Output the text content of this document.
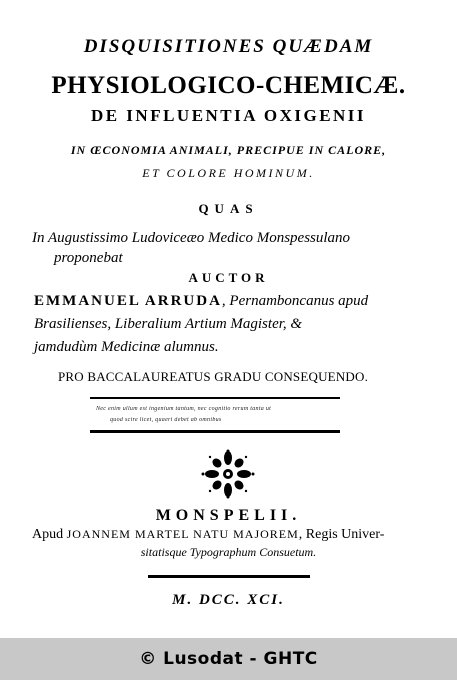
DISQUISITIONES QUÆDAM
PHYSIOLOGICO-CHEMICÆ.
DE INFLUENTIA OXIGENII
IN ŒCONOMIA ANIMALI, PRECIPUE IN CALORE,
ET COLORE HOMINUM.
QUAS
In Augustissimo Ludoviceæo Medico Monspessulano
proponebat
AUCTOR
EMMANUEL ARRUDA, Pernamboncanus apud
Brasilienses, Liberalium Artium Magister, &
jamdudùm Medicinæ alumnus.
PRO BACCALAUREATUS GRADU CONSEQUENDO.
Nec enim ullum est ingenium tantum, nec cognitio rerum tanta ut
quod scire licet, quaeri debet ab omnibus
MONSPELII.
Apud JOANNEM MARTEL NATU MAJOREM, Regis Univer-
sitatisque Typographum Consuetum.
M. DCC. XCI.
© Lusodat - GHTC
